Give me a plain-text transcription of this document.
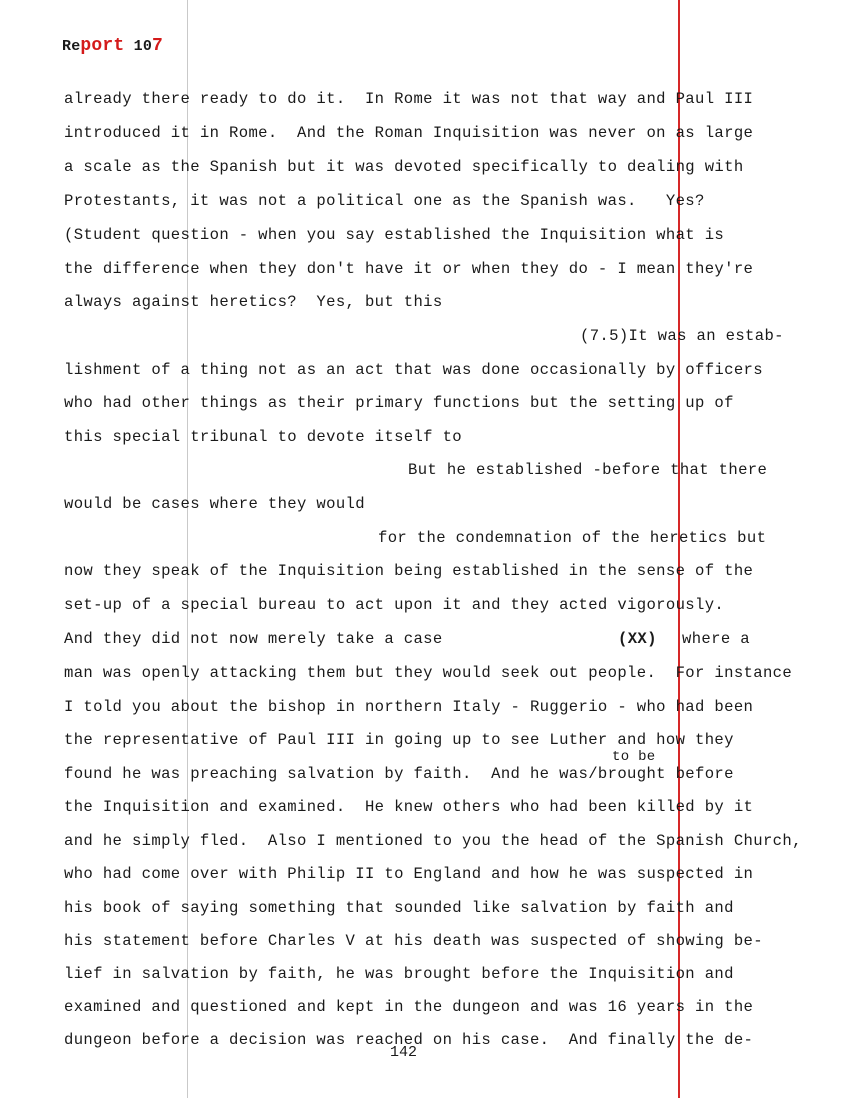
Report 107
already there ready to do it.  In Rome it was not that way and Paul III
introduced it in Rome.  And the Roman Inquisition was never on as large
a scale as the Spanish but it was devoted specifically to dealing with
Protestants, it was not a political one as the Spanish was.   Yes?
(Student question - when you say established the Inquisition what is
the difference when they don't have it or when they do - I mean they're
always against heretics?  Yes, but this
(7.5)It was an estab-
lishment of a thing not as an act that was done occasionally by officers
who had other things as their primary functions but the setting up of
this special tribunal to devote itself to
But he established -before that there
would be cases where they would
for the condemnation of the heretics but
now they speak of the Inquisition being established in the sense of the
set-up of a special bureau to act upon it and they acted vigorously.
And they did not now merely take a case	(XX) where a
man was openly attacking them but they would seek out people.  For instance
I told you about the bishop in northern Italy - Ruggerio - who had been
the representative of Paul III in going up to see Luther and how they
to be
found he was preaching salvation by faith.  And he was/brought before
the Inquisition and examined.  He knew others who had been killed by it
and he simply fled.  Also I mentioned to you the head of the Spanish Church,
who had come over with Philip II to England and how he was suspected in
his book of saying something that sounded like salvation by faith and
his statement before Charles V at his death was suspected of showing be-
lief in salvation by faith, he was brought before the Inquisition and
examined and questioned and kept in the dungeon and was 16 years in the
dungeon before a decision was reached on his case.  And finally the de-
142
